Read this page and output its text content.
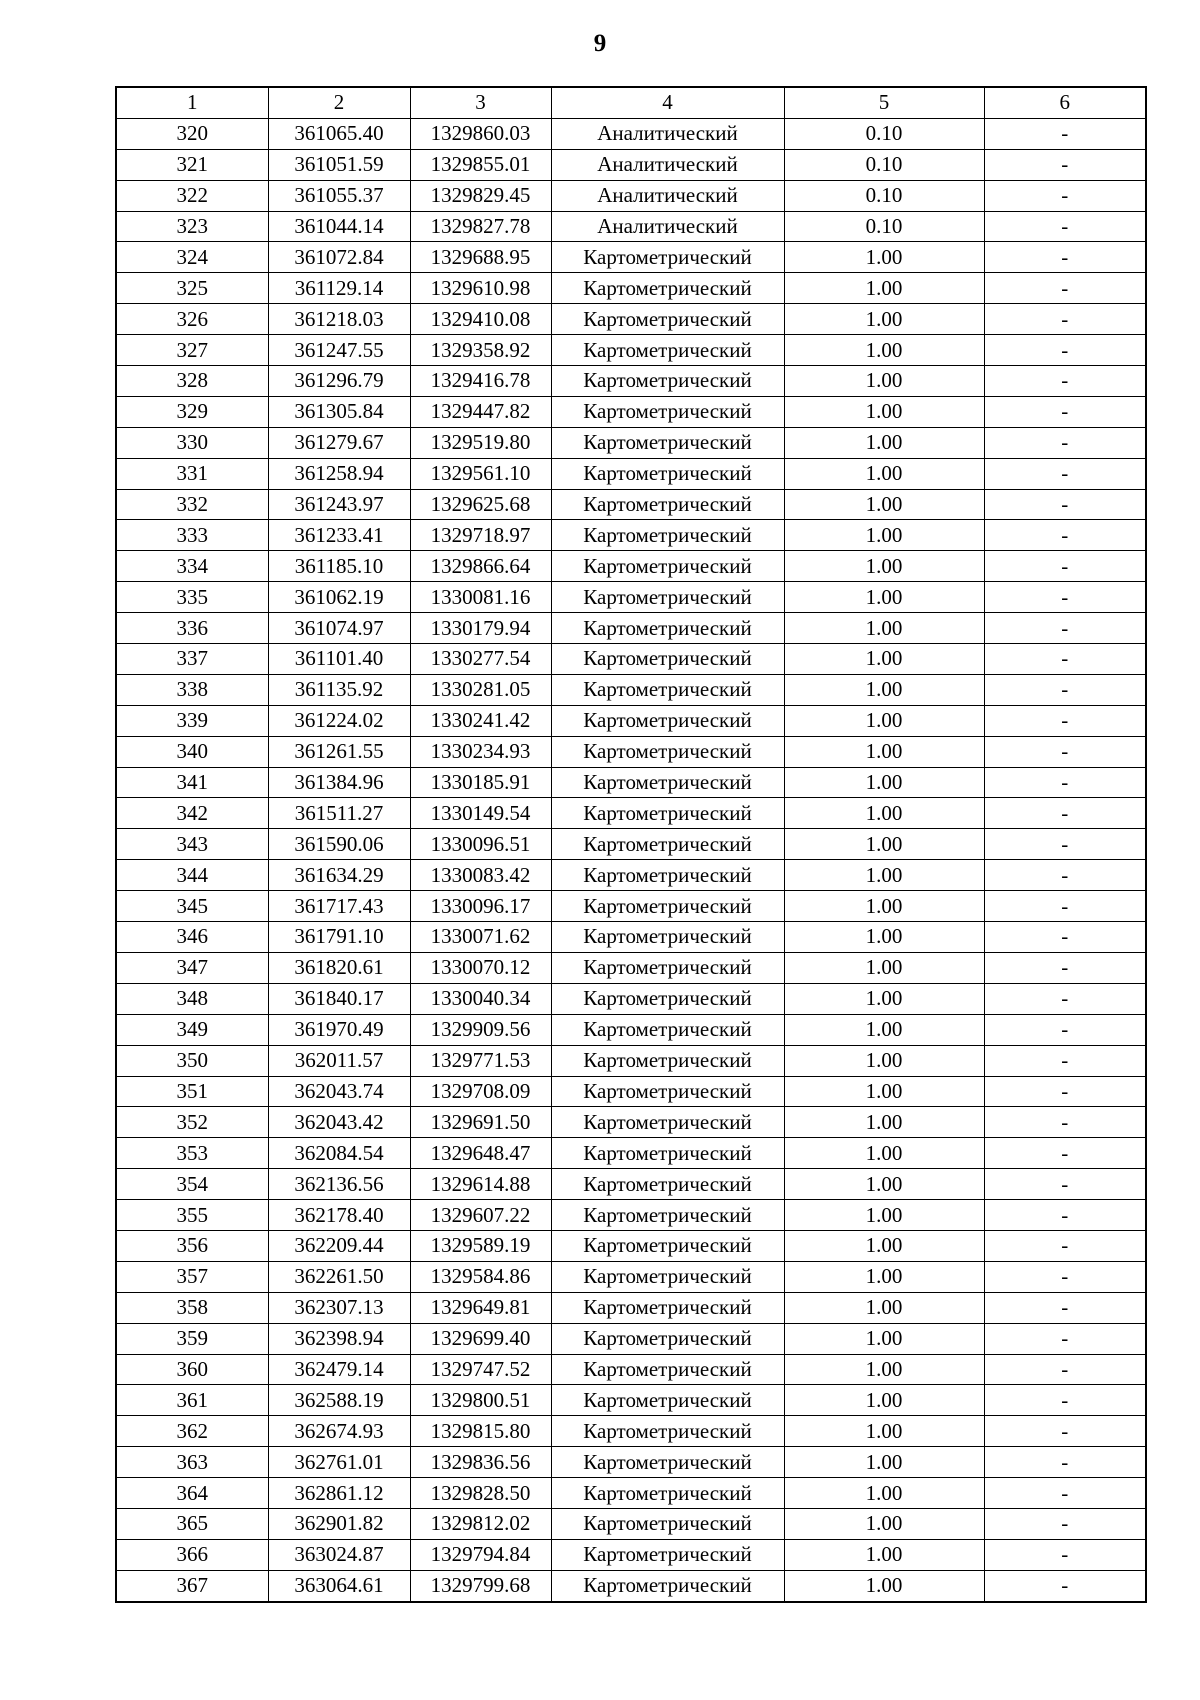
9
1	2	3	4	5	6
320	361065.40	1329860.03	Аналитический	0.10	-
321	361051.59	1329855.01	Аналитический	0.10	-
322	361055.37	1329829.45	Аналитический	0.10	-
323	361044.14	1329827.78	Аналитический	0.10	-
324	361072.84	1329688.95	Картометрический	1.00	-
325	361129.14	1329610.98	Картометрический	1.00	-
326	361218.03	1329410.08	Картометрический	1.00	-
327	361247.55	1329358.92	Картометрический	1.00	-
328	361296.79	1329416.78	Картометрический	1.00	-
329	361305.84	1329447.82	Картометрический	1.00	-
330	361279.67	1329519.80	Картометрический	1.00	-
331	361258.94	1329561.10	Картометрический	1.00	-
332	361243.97	1329625.68	Картометрический	1.00	-
333	361233.41	1329718.97	Картометрический	1.00	-
334	361185.10	1329866.64	Картометрический	1.00	-
335	361062.19	1330081.16	Картометрический	1.00	-
336	361074.97	1330179.94	Картометрический	1.00	-
337	361101.40	1330277.54	Картометрический	1.00	-
338	361135.92	1330281.05	Картометрический	1.00	-
339	361224.02	1330241.42	Картометрический	1.00	-
340	361261.55	1330234.93	Картометрический	1.00	-
341	361384.96	1330185.91	Картометрический	1.00	-
342	361511.27	1330149.54	Картометрический	1.00	-
343	361590.06	1330096.51	Картометрический	1.00	-
344	361634.29	1330083.42	Картометрический	1.00	-
345	361717.43	1330096.17	Картометрический	1.00	-
346	361791.10	1330071.62	Картометрический	1.00	-
347	361820.61	1330070.12	Картометрический	1.00	-
348	361840.17	1330040.34	Картометрический	1.00	-
349	361970.49	1329909.56	Картометрический	1.00	-
350	362011.57	1329771.53	Картометрический	1.00	-
351	362043.74	1329708.09	Картометрический	1.00	-
352	362043.42	1329691.50	Картометрический	1.00	-
353	362084.54	1329648.47	Картометрический	1.00	-
354	362136.56	1329614.88	Картометрический	1.00	-
355	362178.40	1329607.22	Картометрический	1.00	-
356	362209.44	1329589.19	Картометрический	1.00	-
357	362261.50	1329584.86	Картометрический	1.00	-
358	362307.13	1329649.81	Картометрический	1.00	-
359	362398.94	1329699.40	Картометрический	1.00	-
360	362479.14	1329747.52	Картометрический	1.00	-
361	362588.19	1329800.51	Картометрический	1.00	-
362	362674.93	1329815.80	Картометрический	1.00	-
363	362761.01	1329836.56	Картометрический	1.00	-
364	362861.12	1329828.50	Картометрический	1.00	-
365	362901.82	1329812.02	Картометрический	1.00	-
366	363024.87	1329794.84	Картометрический	1.00	-
367	363064.61	1329799.68	Картометрический	1.00	-
